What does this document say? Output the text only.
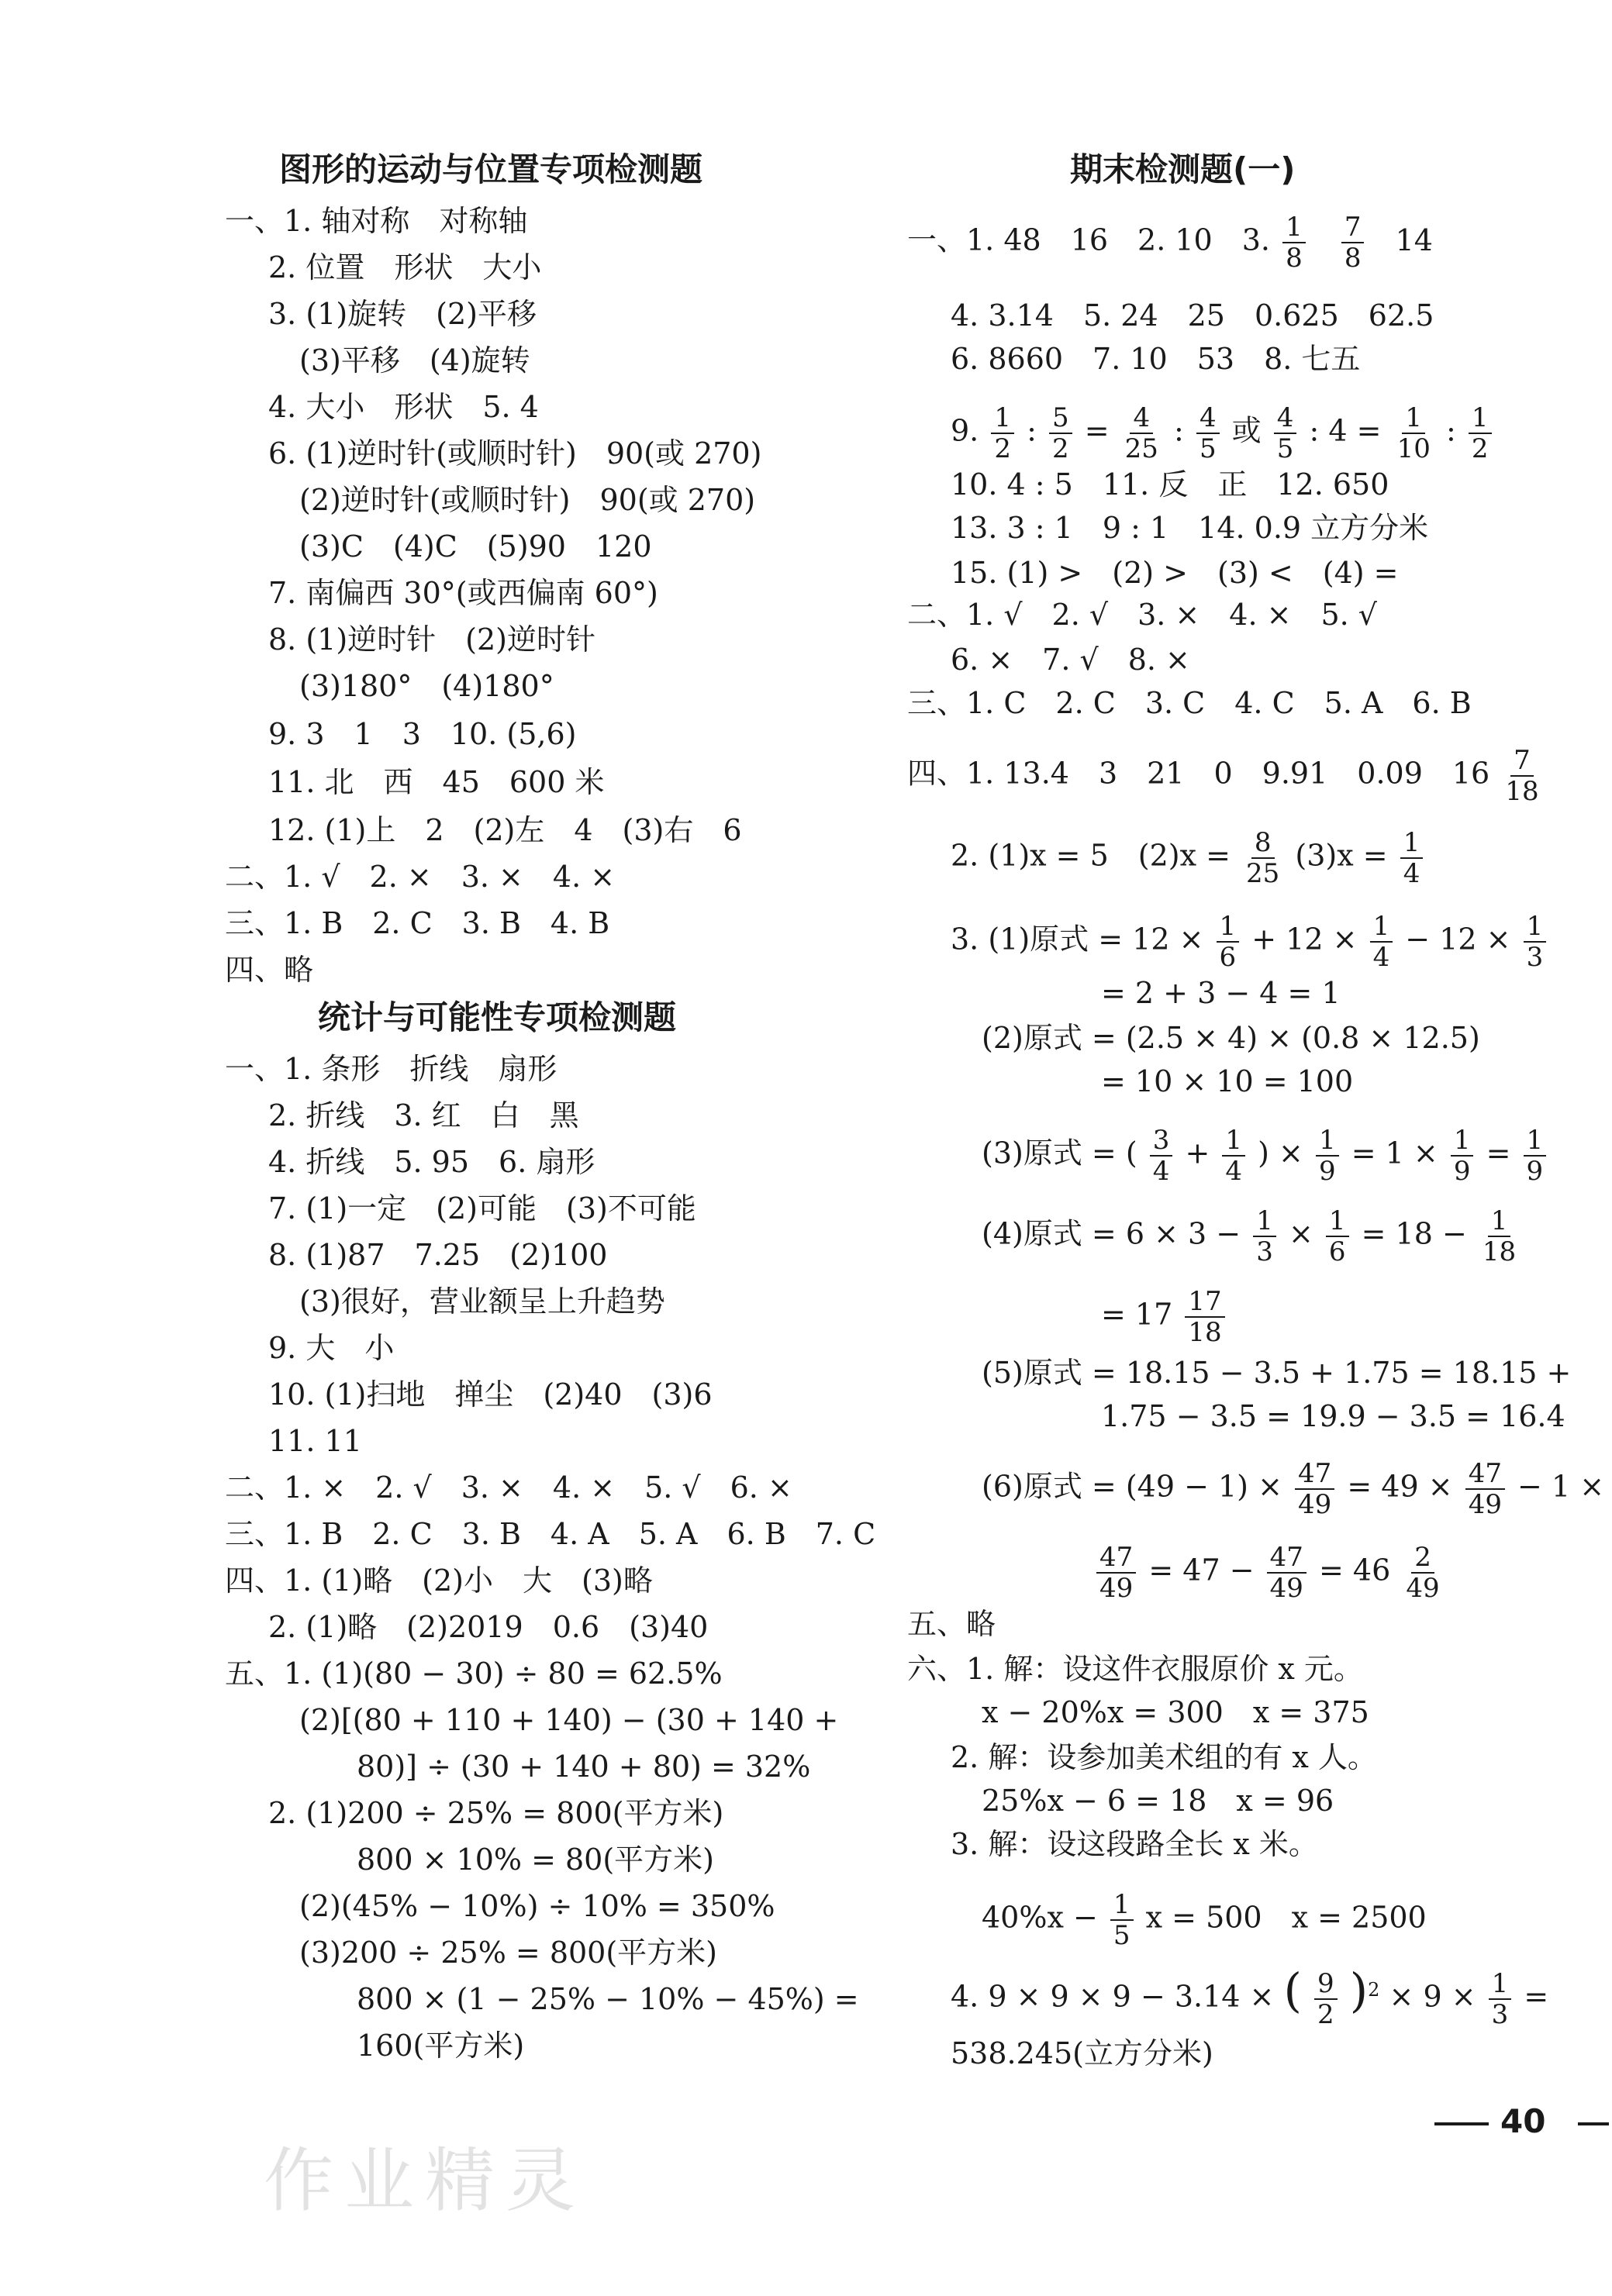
图形的运动与位置专项检测题
一、1. 轴对称　对称轴
2. 位置　形状　大小
3. (1)旋转　(2)平移
(3)平移　(4)旋转
4. 大小　形状　5. 4
6. (1)逆时针(或顺时针)　90(或 270)
(2)逆时针(或顺时针)　90(或 270)
(3)C　(4)C　(5)90　120
7. 南偏西 30°(或西偏南 60°)
8. (1)逆时针　(2)逆时针
(3)180°　(4)180°
9. 3　1　3　10. (5,6)
11. 北　西　45　600 米
12. (1)上　2　(2)左　4　(3)右　6
二、1. √　2. ×　3. ×　4. ×
三、1. B　2. C　3. B　4. B
四、略
统计与可能性专项检测题
一、1. 条形　折线　扇形
2. 折线　3. 红　白　黑
4. 折线　5. 95　6. 扇形
7. (1)一定　(2)可能　(3)不可能
8. (1)87　7.25　(2)100
(3)很好，营业额呈上升趋势
9. 大　小
10. (1)扫地　掸尘　(2)40　(3)6
11. 11
二、1. ×　2. √　3. ×　4. ×　5. √　6. ×
三、1. B　2. C　3. B　4. A　5. A　6. B　7. C
四、1. (1)略　(2)小　大　(3)略
2. (1)略　(2)2019　0.6　(3)40
五、1. (1)(80 − 30) ÷ 80 = 62.5%
(2)[(80 + 110 + 140) − (30 + 140 +
80)] ÷ (30 + 140 + 80) = 32%
2. (1)200 ÷ 25% = 800(平方米)
800 × 10% = 80(平方米)
(2)(45% − 10%) ÷ 10% = 350%
(3)200 ÷ 25% = 800(平方米)
800 × (1 − 25% − 10% − 45%) =
160(平方米)
期末检测题(一)
一、1. 48　16　2. 10　3. $\frac{1}{8}$
$\frac{7}{8} 14$
4. 3.14　5. 24　25　0.625　62.5
6. 8660　7. 10　53　8. 七五
9. $\frac{1}{2}$ : $\frac{5}{2} = \frac{4}{25}$ : $\frac{4}{5}$ 或 $\frac{4}{5}$ : $4 = \frac{1}{10}$ : $\frac{1}{2}$
10. 4 : 5　11. 反　正　12. 650
13. 3 : 1　9 : 1　14. 0.9 立方分米
15. (1) >　(2) >　(3) <　(4) =
二、1. √　2. √　3. ×　4. ×　5. √
6. ×　7. √　8. ×
三、1. C　2. C　3. C　4. C　5. A　6. B
四、1. 13.4　3　21　0　9.91　0.09　$16 \frac{7}{18}$
2. (1)x = 5　$(2)x = \frac{8}{25} (3)x = \frac{1}{4}$
3. (1)原式 = $12 \times \frac{1}{6} + 12 \times \frac{1}{4} - 12 \times \frac{1}{3}$
= 2 + 3 − 4 = 1
(2)原式 = (2.5 × 4) × (0.8 × 12.5)
= 10 × 10 = 100
(3)原式 = ( $\frac{3}{4} + \frac{1}{4}$ ) × $\frac{1}{9} = 1 \times \frac{1}{9} = \frac{1}{9}$
(4)原式 = $6 \times 3 - \frac{1}{3} \times \frac{1}{6} = 18 - \frac{1}{18}$
= $17 \frac{17}{18}$
(5)原式 = 18.15 − 3.5 + 1.75 = 18.15 +
1.75 − 3.5 = 19.9 − 3.5 = 16.4
(6)原式 = $(49 - 1) \times \frac{47}{49} = 49 \times \frac{47}{49} - 1$ ×
$\frac{47}{49} = 47 - \frac{47}{49} = 46 \frac{2}{49}$
五、略
六、1. 解：设这件衣服原价 x 元。
x − 20%x = 300　x = 375
2. 解：设参加美术组的有 x 人。
25%x − 6 = 18　x = 96
3. 解：设这段路全长 x 米。
$40\%x - \frac{1}{5}$ x = 500　x = 2500
4. 9 × 9 × 9 − 3.14 × ( $\frac{9}{2} )^2 \times 9 \times \frac{1}{3}$ =
538.245(立方分米)
40
作业精灵
